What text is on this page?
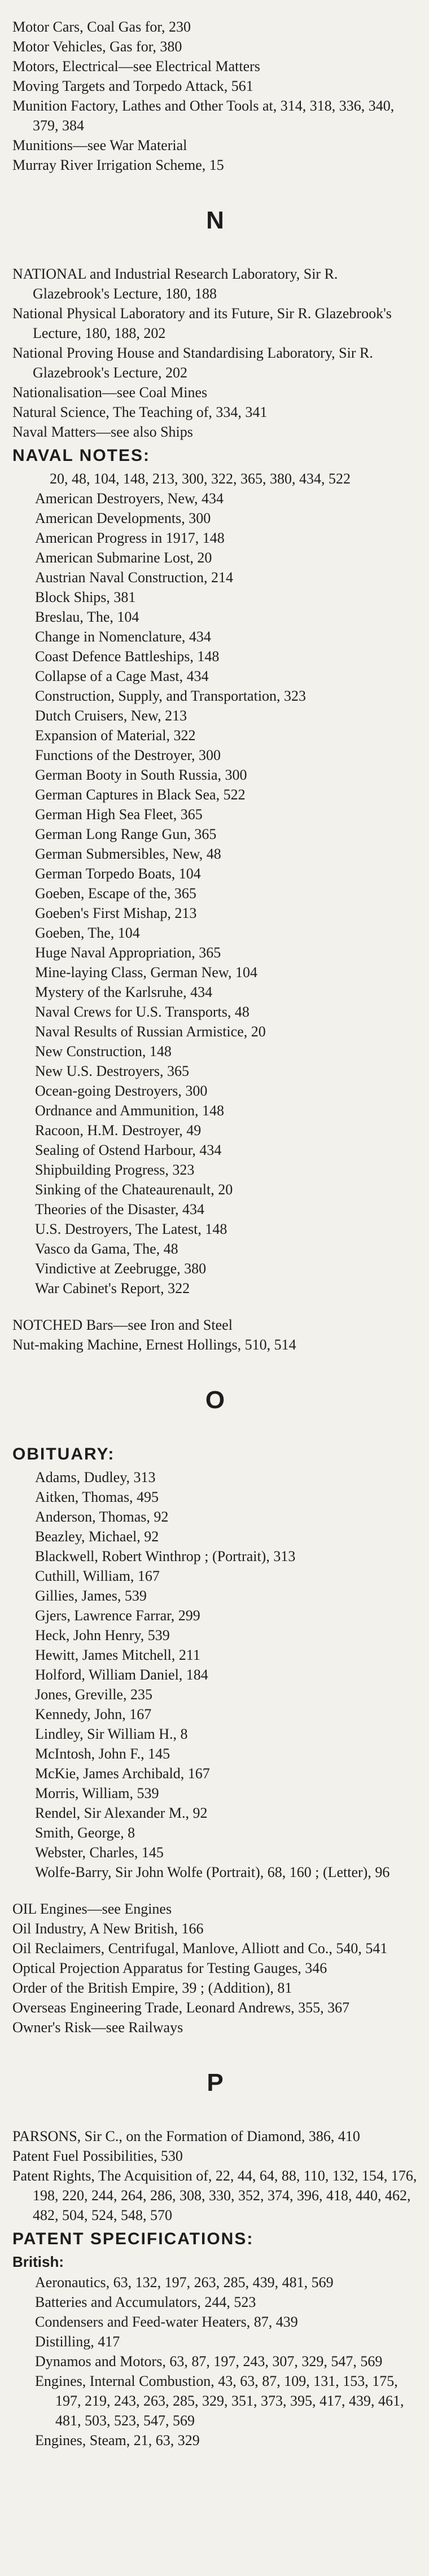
Motor Cars, Coal Gas for, 230
Motor Vehicles, Gas for, 380
Motors, Electrical—see Electrical Matters
Moving Targets and Torpedo Attack, 561
Munition Factory, Lathes and Other Tools at, 314, 318, 336, 340, 379, 384
Munitions—see War Material
Murray River Irrigation Scheme, 15
N
NATIONAL and Industrial Research Laboratory, Sir R. Glazebrook's Lecture, 180, 188
National Physical Laboratory and its Future, Sir R. Glazebrook's Lecture, 180, 188, 202
National Proving House and Standardising Laboratory, Sir R. Glazebrook's Lecture, 202
Nationalisation—see Coal Mines
Natural Science, The Teaching of, 334, 341
Naval Matters—see also Ships
NAVAL NOTES:
20, 48, 104, 148, 213, 300, 322, 365, 380, 434, 522
American Destroyers, New, 434
American Developments, 300
American Progress in 1917, 148
American Submarine Lost, 20
Austrian Naval Construction, 214
Block Ships, 381
Breslau, The, 104
Change in Nomenclature, 434
Coast Defence Battleships, 148
Collapse of a Cage Mast, 434
Construction, Supply, and Transportation, 323
Dutch Cruisers, New, 213
Expansion of Material, 322
Functions of the Destroyer, 300
German Booty in South Russia, 300
German Captures in Black Sea, 522
German High Sea Fleet, 365
German Long Range Gun, 365
German Submersibles, New, 48
German Torpedo Boats, 104
Goeben, Escape of the, 365
Goeben's First Mishap, 213
Goeben, The, 104
Huge Naval Appropriation, 365
Mine-laying Class, German New, 104
Mystery of the Karlsruhe, 434
Naval Crews for U.S. Transports, 48
Naval Results of Russian Armistice, 20
New Construction, 148
New U.S. Destroyers, 365
Ocean-going Destroyers, 300
Ordnance and Ammunition, 148
Racoon, H.M. Destroyer, 49
Sealing of Ostend Harbour, 434
Shipbuilding Progress, 323
Sinking of the Chateaurenault, 20
Theories of the Disaster, 434
U.S. Destroyers, The Latest, 148
Vasco da Gama, The, 48
Vindictive at Zeebrugge, 380
War Cabinet's Report, 322
NOTCHED Bars—see Iron and Steel
Nut-making Machine, Ernest Hollings, 510, 514
O
OBITUARY:
Adams, Dudley, 313
Aitken, Thomas, 495
Anderson, Thomas, 92
Beazley, Michael, 92
Blackwell, Robert Winthrop ; (Portrait), 313
Cuthill, William, 167
Gillies, James, 539
Gjers, Lawrence Farrar, 299
Heck, John Henry, 539
Hewitt, James Mitchell, 211
Holford, William Daniel, 184
Jones, Greville, 235
Kennedy, John, 167
Lindley, Sir William H., 8
McIntosh, John F., 145
McKie, James Archibald, 167
Morris, William, 539
Rendel, Sir Alexander M., 92
Smith, George, 8
Webster, Charles, 145
Wolfe-Barry, Sir John Wolfe (Portrait), 68, 160 ; (Letter), 96
OIL Engines—see Engines
Oil Industry, A New British, 166
Oil Reclaimers, Centrifugal, Manlove, Alliott and Co., 540, 541
Optical Projection Apparatus for Testing Gauges, 346
Order of the British Empire, 39 ; (Addition), 81
Overseas Engineering Trade, Leonard Andrews, 355, 367
Owner's Risk—see Railways
P
PARSONS, Sir C., on the Formation of Diamond, 386, 410
Patent Fuel Possibilities, 530
Patent Rights, The Acquisition of, 22, 44, 64, 88, 110, 132, 154, 176, 198, 220, 244, 264, 286, 308, 330, 352, 374, 396, 418, 440, 462, 482, 504, 524, 548, 570
PATENT SPECIFICATIONS:
British:
Aeronautics, 63, 132, 197, 263, 285, 439, 481, 569
Batteries and Accumulators, 244, 523
Condensers and Feed-water Heaters, 87, 439
Distilling, 417
Dynamos and Motors, 63, 87, 197, 243, 307, 329, 547, 569
Engines, Internal Combustion, 43, 63, 87, 109, 131, 153, 175, 197, 219, 243, 263, 285, 329, 351, 373, 395, 417, 439, 461, 481, 503, 523, 547, 569
Engines, Steam, 21, 63, 329
